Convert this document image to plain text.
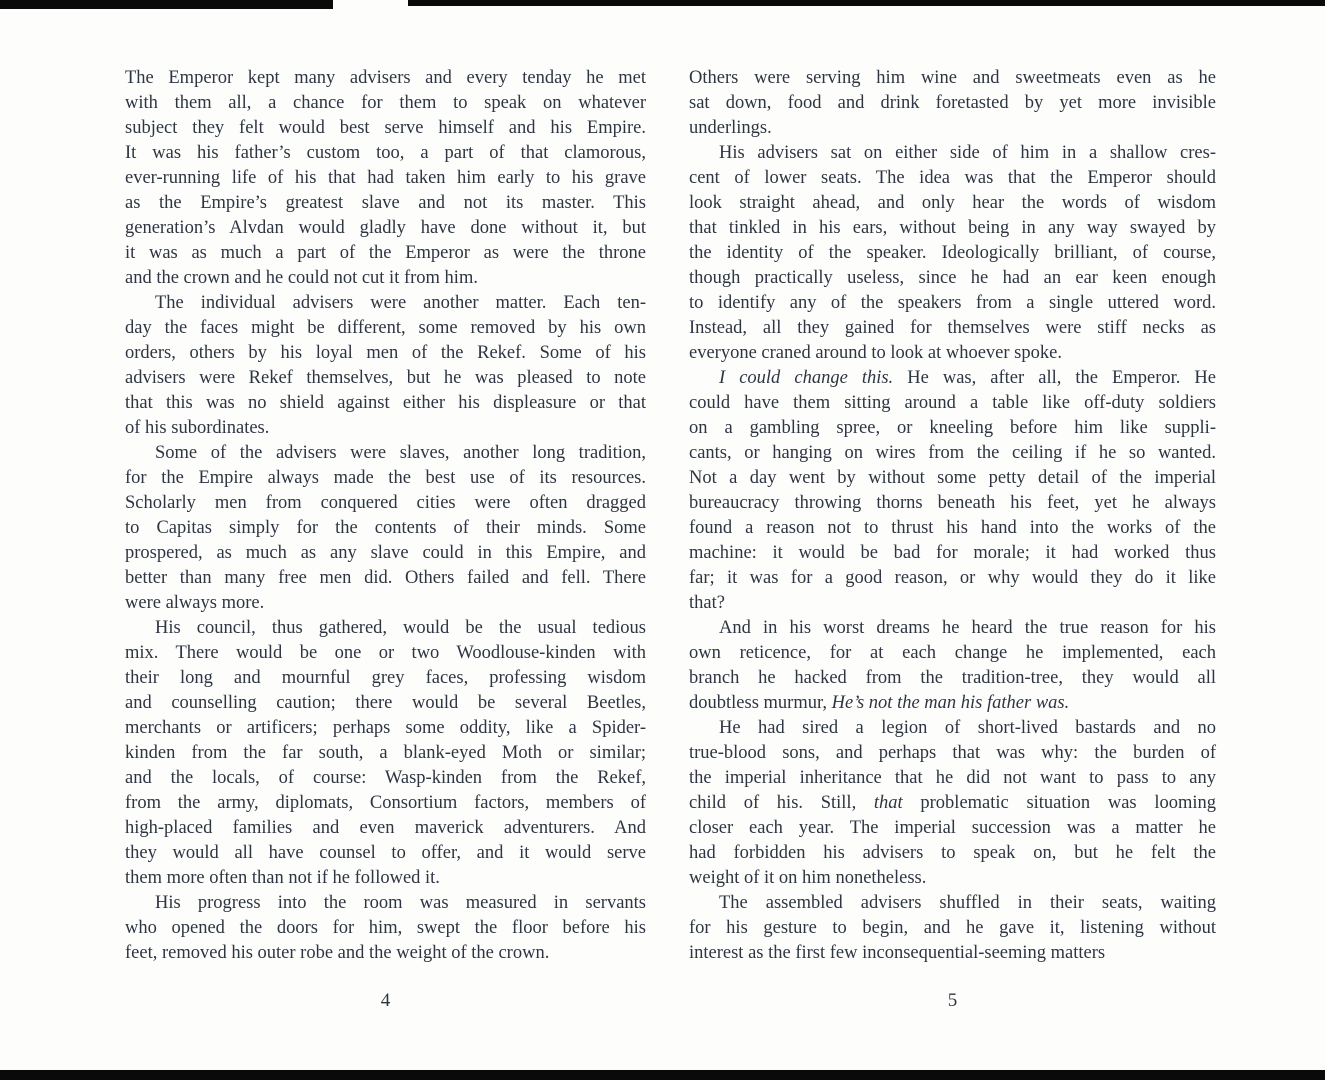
The Emperor kept many advisers and every tenday he met
with them all, a chance for them to speak on whatever
subject they felt would best serve himself and his Empire.
It was his father’s custom too, a part of that clamorous,
ever-running life of his that had taken him early to his grave
as the Empire’s greatest slave and not its master. This
generation’s Alvdan would gladly have done without it, but
it was as much a part of the Emperor as were the throne
and the crown and he could not cut it from him.
The individual advisers were another matter. Each ten-
day the faces might be different, some removed by his own
orders, others by his loyal men of the Rekef. Some of his
advisers were Rekef themselves, but he was pleased to note
that this was no shield against either his displeasure or that
of his subordinates.
Some of the advisers were slaves, another long tradition,
for the Empire always made the best use of its resources.
Scholarly men from conquered cities were often dragged
to Capitas simply for the contents of their minds. Some
prospered, as much as any slave could in this Empire, and
better than many free men did. Others failed and fell. There
were always more.
His council, thus gathered, would be the usual tedious
mix. There would be one or two Woodlouse-kinden with
their long and mournful grey faces, professing wisdom
and counselling caution; there would be several Beetles,
merchants or artificers; perhaps some oddity, like a Spider-
kinden from the far south, a blank-eyed Moth or similar;
and the locals, of course: Wasp-kinden from the Rekef,
from the army, diplomats, Consortium factors, members of
high-placed families and even maverick adventurers. And
they would all have counsel to offer, and it would serve
them more often than not if he followed it.
His progress into the room was measured in servants
who opened the doors for him, swept the floor before his
feet, removed his outer robe and the weight of the crown.
Others were serving him wine and sweetmeats even as he
sat down, food and drink foretasted by yet more invisible
underlings.
His advisers sat on either side of him in a shallow cres-
cent of lower seats. The idea was that the Emperor should
look straight ahead, and only hear the words of wisdom
that tinkled in his ears, without being in any way swayed by
the identity of the speaker. Ideologically brilliant, of course,
though practically useless, since he had an ear keen enough
to identify any of the speakers from a single uttered word.
Instead, all they gained for themselves were stiff necks as
everyone craned around to look at whoever spoke.
I could change this. He was, after all, the Emperor. He
could have them sitting around a table like off-duty soldiers
on a gambling spree, or kneeling before him like suppli-
cants, or hanging on wires from the ceiling if he so wanted.
Not a day went by without some petty detail of the imperial
bureaucracy throwing thorns beneath his feet, yet he always
found a reason not to thrust his hand into the works of the
machine: it would be bad for morale; it had worked thus
far; it was for a good reason, or why would they do it like
that?
And in his worst dreams he heard the true reason for his
own reticence, for at each change he implemented, each
branch he hacked from the tradition-tree, they would all
doubtless murmur, He’s not the man his father was.
He had sired a legion of short-lived bastards and no
true-blood sons, and perhaps that was why: the burden of
the imperial inheritance that he did not want to pass to any
child of his. Still, that problematic situation was looming
closer each year. The imperial succession was a matter he
had forbidden his advisers to speak on, but he felt the
weight of it on him nonetheless.
The assembled advisers shuffled in their seats, waiting
for his gesture to begin, and he gave it, listening without
interest as the first few inconsequential-seeming matters
4	5
